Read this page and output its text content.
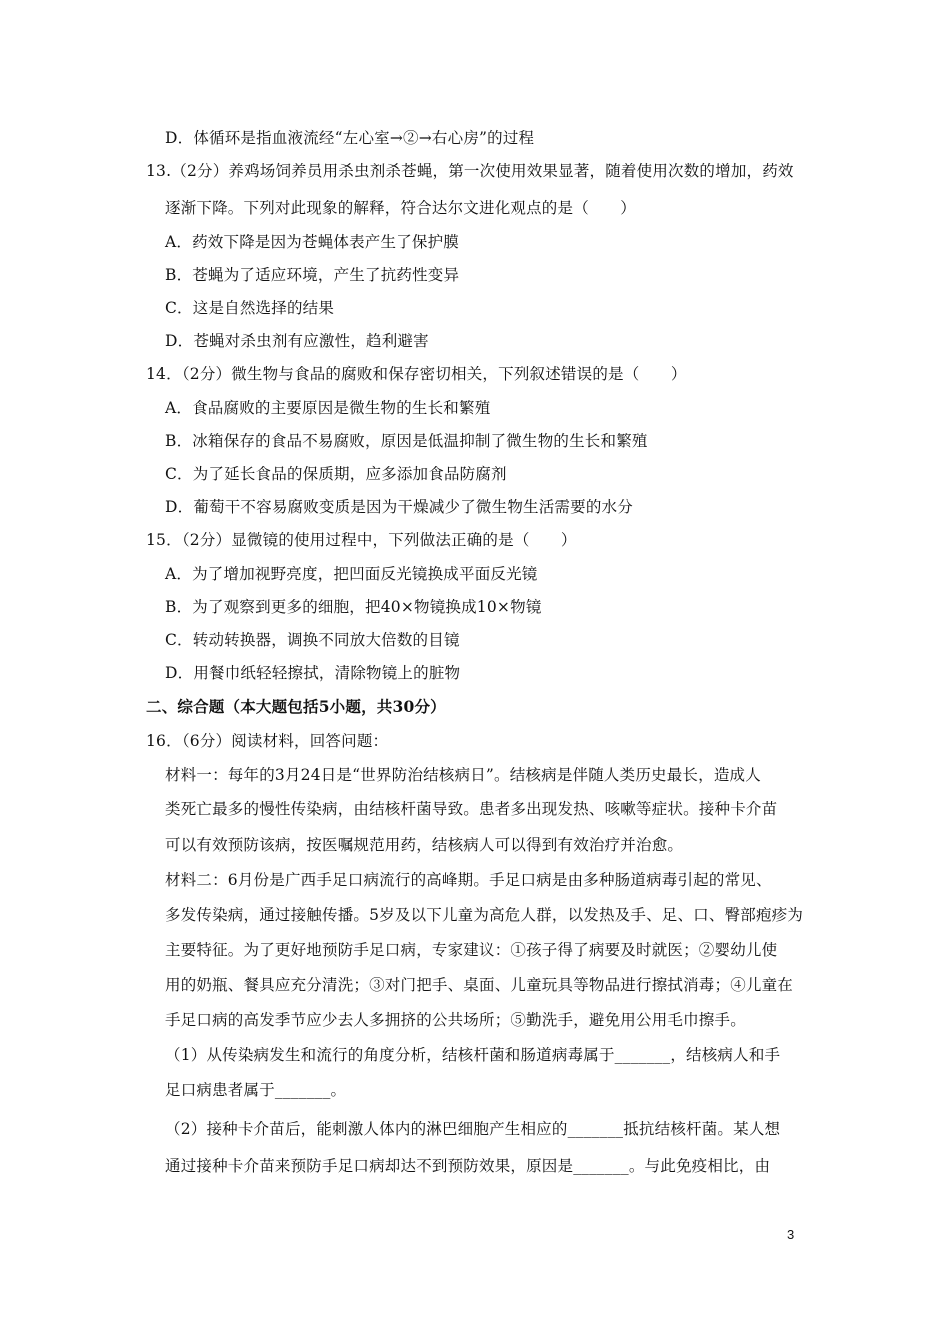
D．体循环是指血液流经“左心室→②→右心房”的过程
13.（2分）养鸡场饲养员用杀虫剂杀苍蝇，第一次使用效果显著，随着使用次数的增加，药效
逐渐下降。下列对此现象的解释，符合达尔文进化观点的是（　　）
A．药效下降是因为苍蝇体表产生了保护膜
B．苍蝇为了适应环境，产生了抗药性变异
C．这是自然选择的结果
D．苍蝇对杀虫剂有应激性，趋利避害
14．（2分）微生物与食品的腐败和保存密切相关，下列叙述错误的是（　　）
A．食品腐败的主要原因是微生物的生长和繁殖
B．冰箱保存的食品不易腐败，原因是低温抑制了微生物的生长和繁殖
C．为了延长食品的保质期，应多添加食品防腐剂
D．葡萄干不容易腐败变质是因为干燥减少了微生物生活需要的水分
15．（2分）显微镜的使用过程中，下列做法正确的是（　　）
A．为了增加视野亮度，把凹面反光镜换成平面反光镜
B．为了观察到更多的细胞，把40×物镜换成10×物镜
C．转动转换器，调换不同放大倍数的目镜
D．用餐巾纸轻轻擦拭，清除物镜上的脏物
二、综合题（本大题包括5小题，共30分）
16．（6分）阅读材料，回答问题：
材料一：每年的3月24日是“世界防治结核病日”。结核病是伴随人类历史最长，造成人
类死亡最多的慢性传染病，由结核杆菌导致。患者多出现发热、咳嗽等症状。接种卡介苗
可以有效预防该病，按医嘱规范用药，结核病人可以得到有效治疗并治愈。
材料二：6月份是广西手足口病流行的高峰期。手足口病是由多种肠道病毒引起的常见、
多发传染病，通过接触传播。5岁及以下儿童为高危人群，以发热及手、足、口、臀部疱疹为
主要特征。为了更好地预防手足口病，专家建议：①孩子得了病要及时就医；②婴幼儿使
用的奶瓶、餐具应充分清洗；③对门把手、桌面、儿童玩具等物品进行擦拭消毒；④儿童在
手足口病的高发季节应少去人多拥挤的公共场所；⑤勤洗手，避免用公用毛巾擦手。
（1）从传染病发生和流行的角度分析，结核杆菌和肠道病毒属于_______，结核病人和手
足口病患者属于_______。
（2）接种卡介苗后，能刺激人体内的淋巴细胞产生相应的_______抵抗结核杆菌。某人想
通过接种卡介苗来预防手足口病却达不到预防效果，原因是_______。与此免疫相比，由
3
